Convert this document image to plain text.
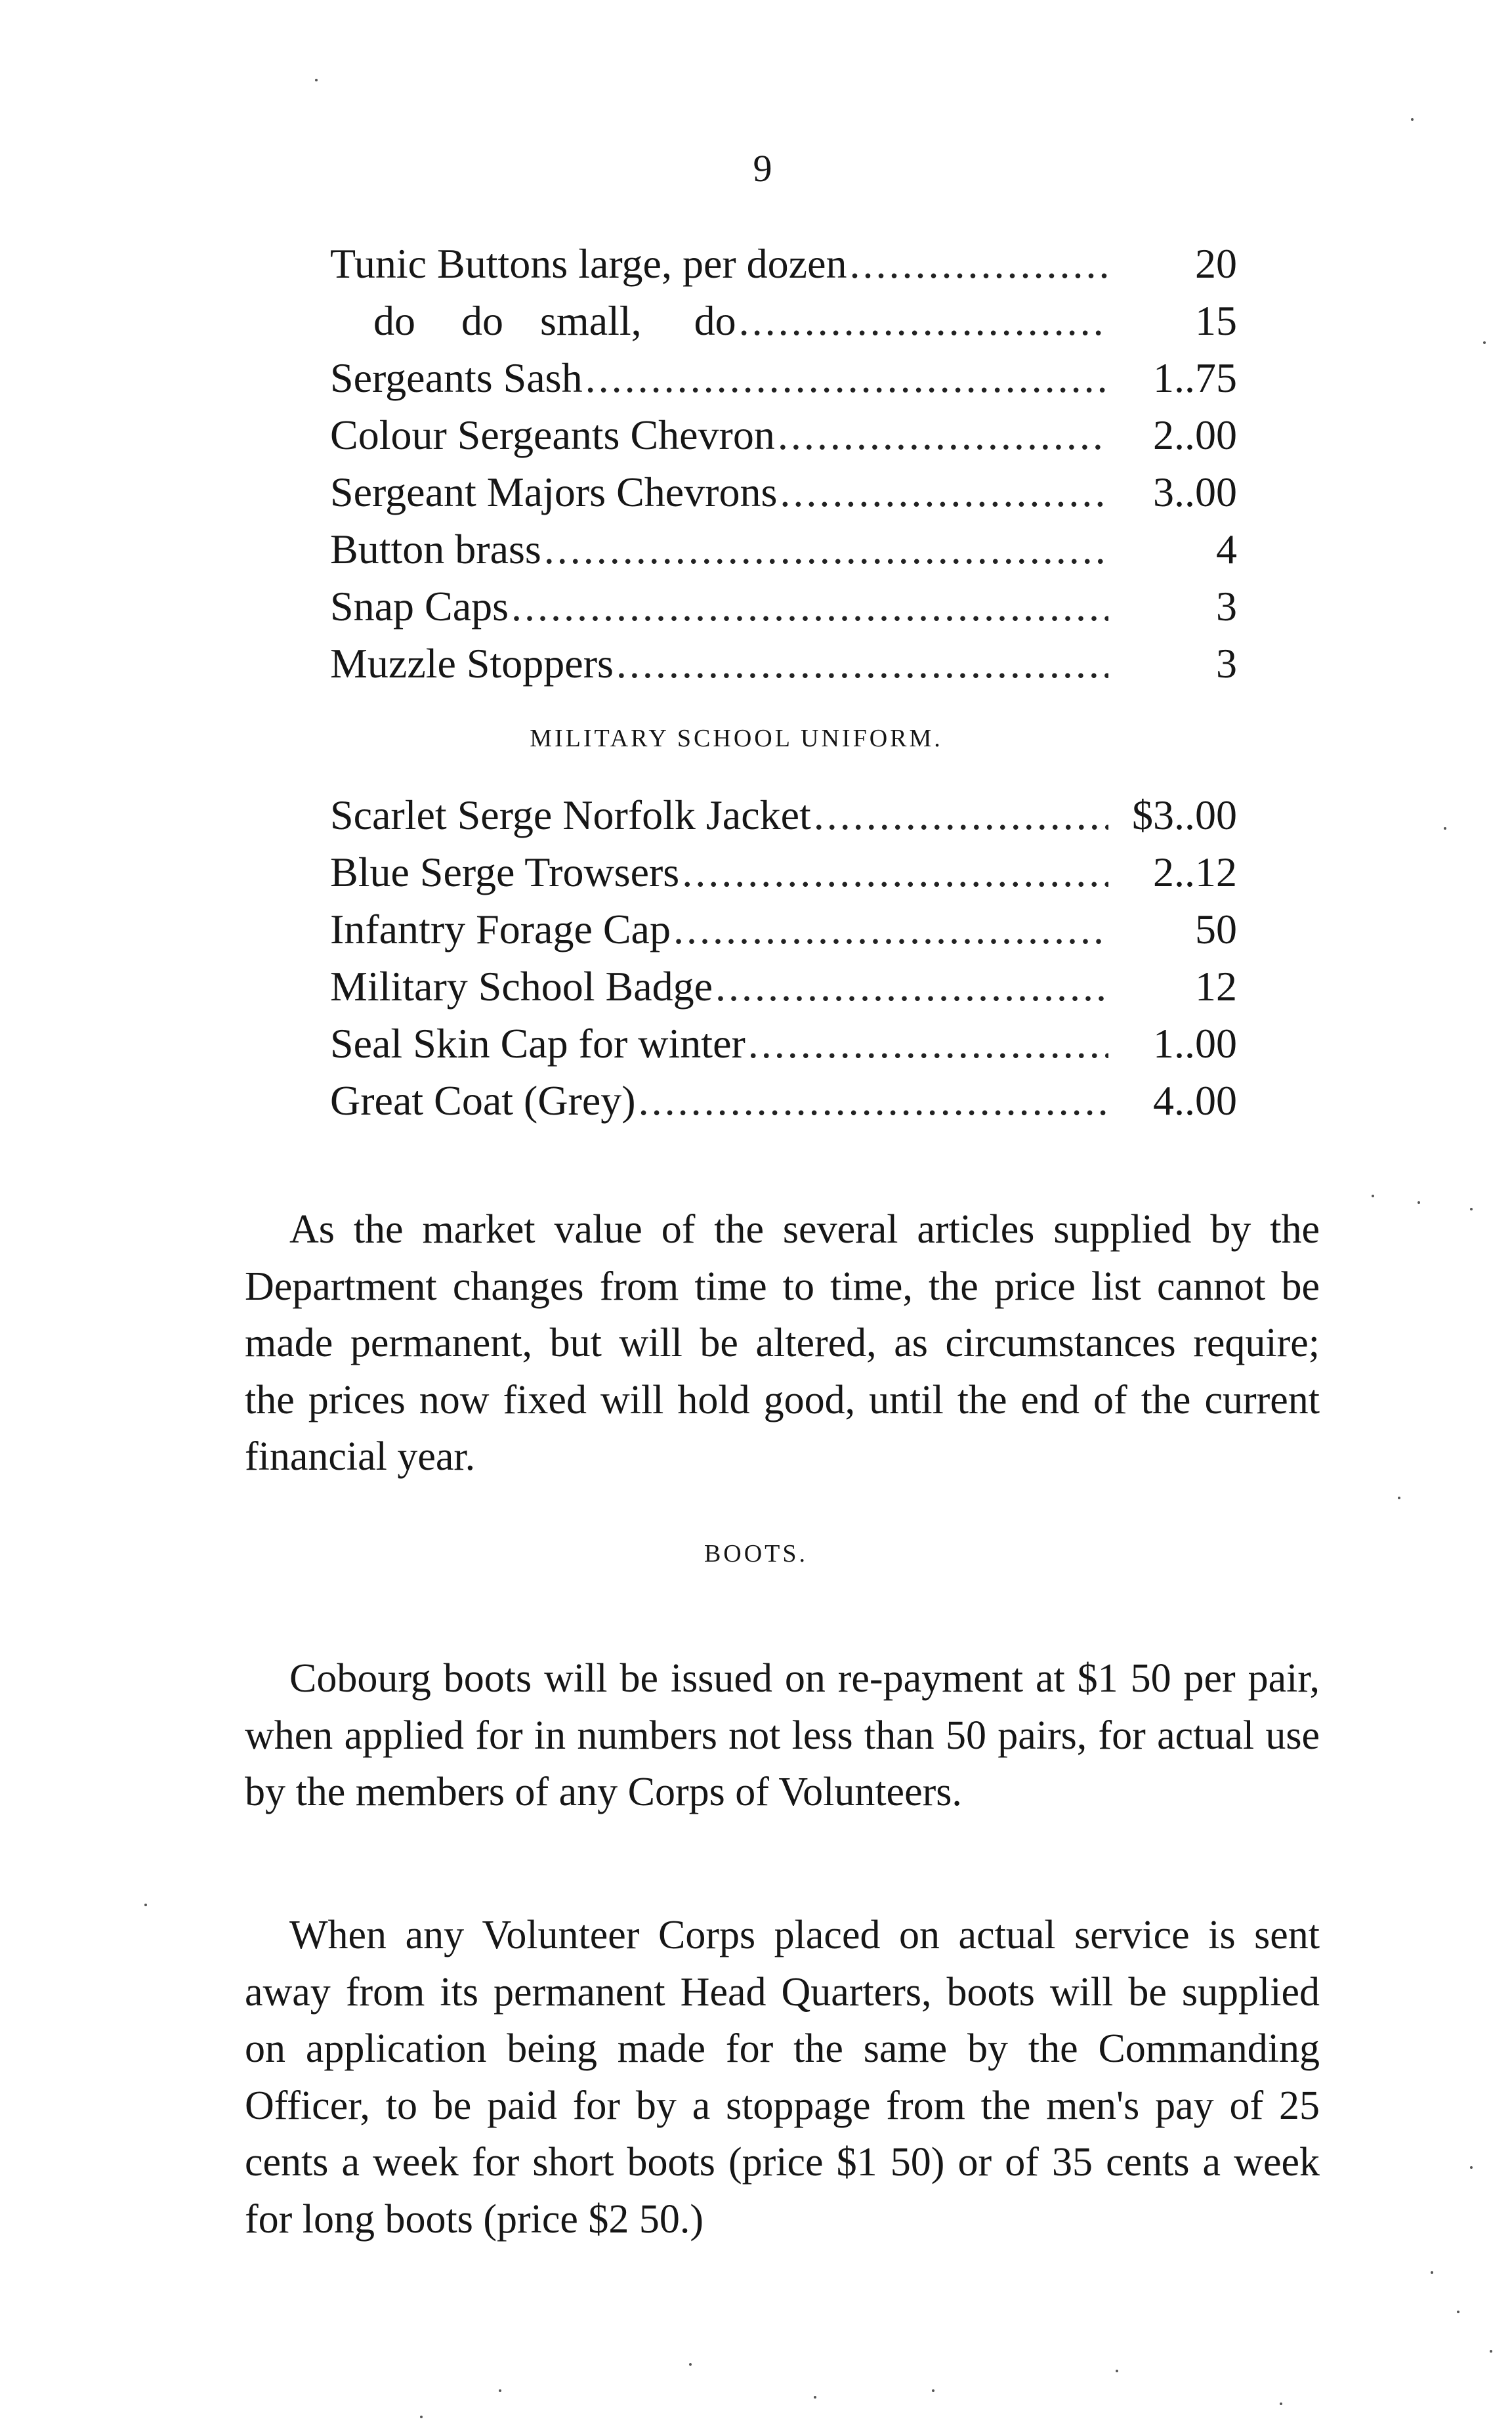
9
Tunic Buttons large, per dozen . . .	20
do do small, do . . .	15
Sergeants Sash . . .	1..75
Colour Sergeants Chevron . . .	2..00
Sergeant Majors Chevrons . . .	3..00
Button brass . . .	4
Snap Caps . . .	3
Muzzle Stoppers . . .	3
MILITARY SCHOOL UNIFORM.
Scarlet Serge Norfolk Jacket . . .	$3..00
Blue Serge Trowsers . . .	2..12
Infantry Forage Cap . . .	50
Military School Badge . . .	12
Seal Skin Cap for winter . . .	1..00
Great Coat (Grey) . . .	4..00

As the market value of the several articles supplied by the Department changes from time to time, the price list cannot be made permanent, but will be altered, as circumstances require; the prices now fixed will hold good, until the end of the current financial year.

BOOTS.

Cobourg boots will be issued on re-payment at $1 50 per pair, when applied for in numbers not less than 50 pairs, for actual use by the members of any Corps of Volunteers.

When any Volunteer Corps placed on actual service is sent away from its permanent Head Quarters, boots will be supplied on application being made for the same by the Commanding Officer, to be paid for by a stoppage from the men's pay of 25 cents a week for short boots (price $1 50) or of 35 cents a week for long boots (price $2 50.)
